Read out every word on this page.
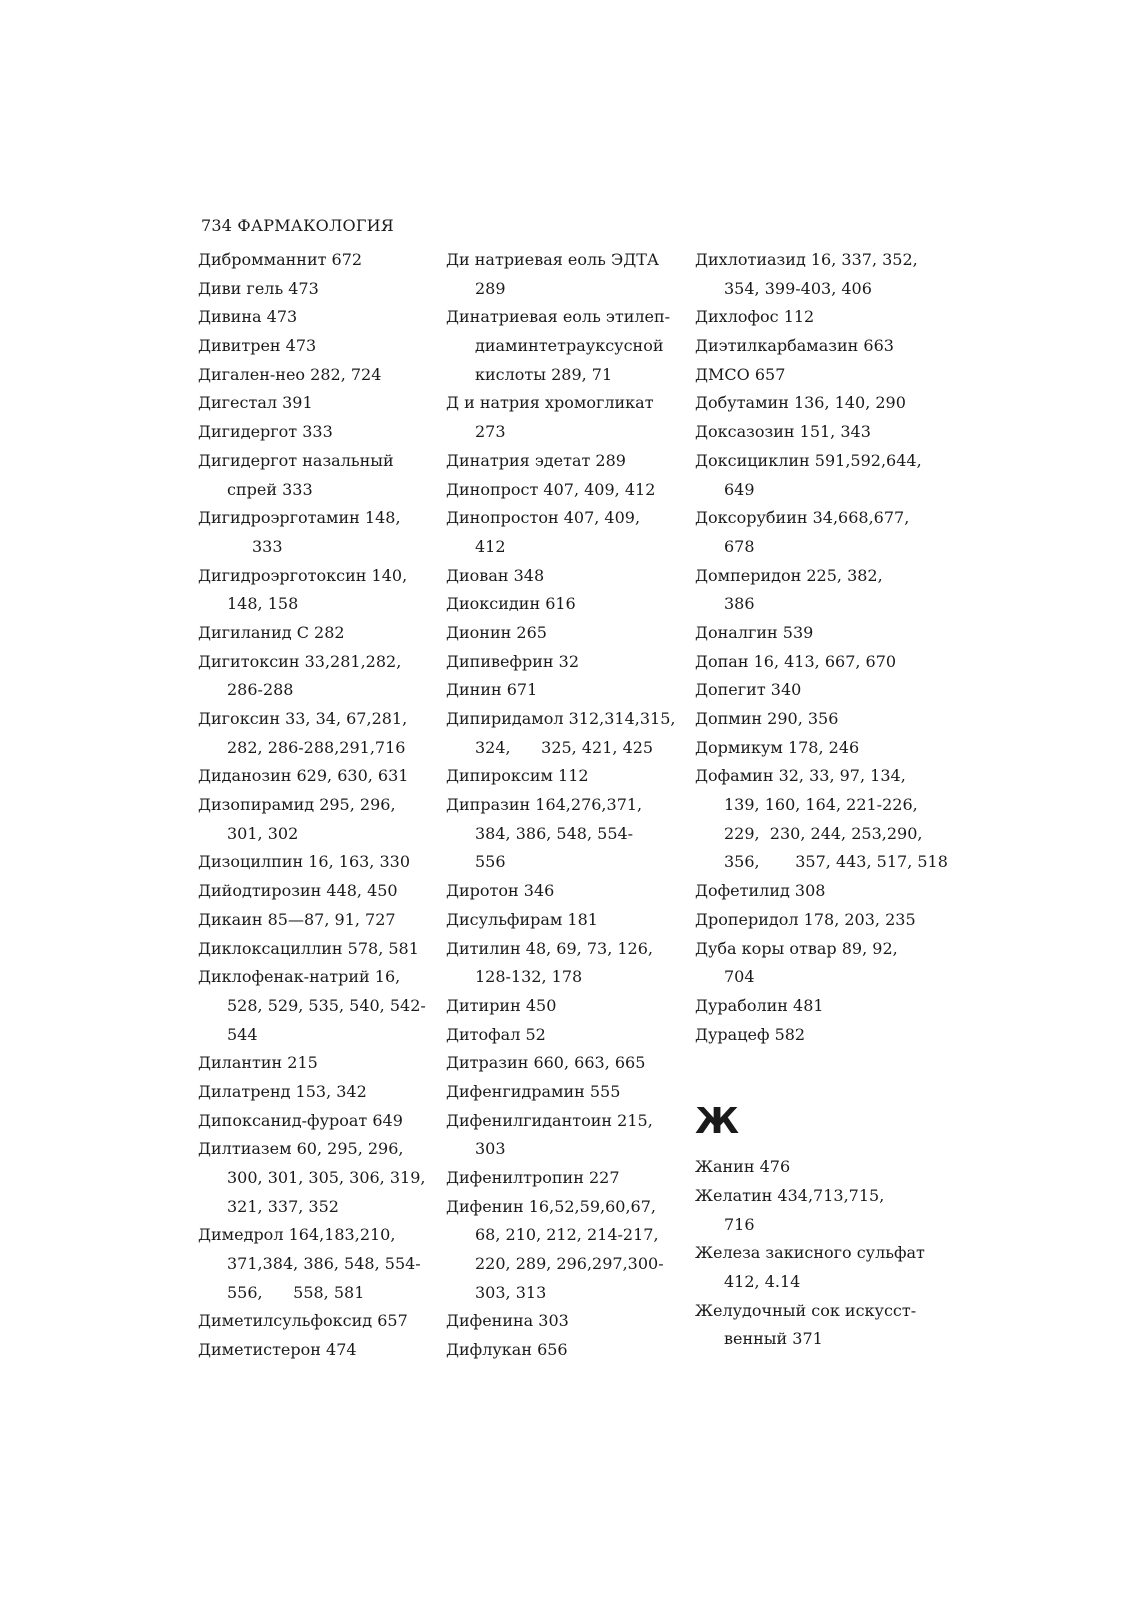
734 ФАРМАКОЛОГИЯ
Дибромманнит 672
Диви гель 473
Дивина 473
Дивитрен 473
Дигален-нео 282, 724
Дигестал 391
Дигидергот 333
Дигидергот назальный
спрей 333
Дигидроэрготамин 148,
333
Дигидроэрготоксин 140,
148, 158
Дигиланид С 282
Дигитоксин 33,281,282,
286-288
Дигоксин 33, 34, 67,281,
282, 286-288,291,716
Диданозин 629, 630, 631
Дизопирамид 295, 296,
301, 302
Дизоцилпин 16, 163, 330
Дийодтирозин 448, 450
Дикаин 85—87, 91, 727
Диклоксациллин 578, 581
Диклофенак-натрий 16,
528, 529, 535, 540, 542-
544
Дилантин 215
Дилатренд 153, 342
Дипоксанид-фуроат 649
Дилтиазем 60, 295, 296,
300, 301, 305, 306, 319,
321, 337, 352
Димедрол 164,183,210,
371,384, 386, 548, 554-
556,      558, 581
Диметилсульфоксид 657
Диметистерон 474
Ди натриевая еоль ЭДТА
289
Динатриевая еоль этилеп-
диаминтетрауксусной
кислоты 289, 71
Д и натрия хромогликат
273
Динатрия эдетат 289
Динопрост 407, 409, 412
Динопростон 407, 409,
412
Диован 348
Диоксидин 616
Дионин 265
Дипивефрин 32
Динин 671
Дипиридамол 312,314,315,
324,      325, 421, 425
Дипироксим 112
Дипразин 164,276,371,
384, 386, 548, 554-
556
Диротон 346
Дисульфирам 181
Дитилин 48, 69, 73, 126,
128-132, 178
Дитирин 450
Дитофал 52
Дитразин 660, 663, 665
Дифенгидрамин 555
Дифенилгидантоин 215,
303
Дифенилтропин 227
Дифенин 16,52,59,60,67,
68, 210, 212, 214-217,
220, 289, 296,297,300-
303, 313
Дифенина 303
Дифлукан 656
Дихлотиазид 16, 337, 352,
354, 399-403, 406
Дихлофос 112
Диэтилкарбамазин 663
ДМСО 657
Добутамин 136, 140, 290
Доксазозин 151, 343
Доксициклин 591,592,644,
649
Доксорубиин 34,668,677,
678
Домперидон 225, 382,
386
Доналгин 539
Допан 16, 413, 667, 670
Допегит 340
Допмин 290, 356
Дормикум 178, 246
Дофамин 32, 33, 97, 134,
139, 160, 164, 221-226,
229,  230, 244, 253,290,
356,       357, 443, 517, 518
Дофетилид 308
Дроперидол 178, 203, 235
Дуба коры отвар 89, 92,
704
Дураболин 481
Дурацеф 582
Ж
Жанин 476
Желатин 434,713,715,
716
Железа закисного сульфат
412, 4.14
Желудочный сок искусст-
венный 371
